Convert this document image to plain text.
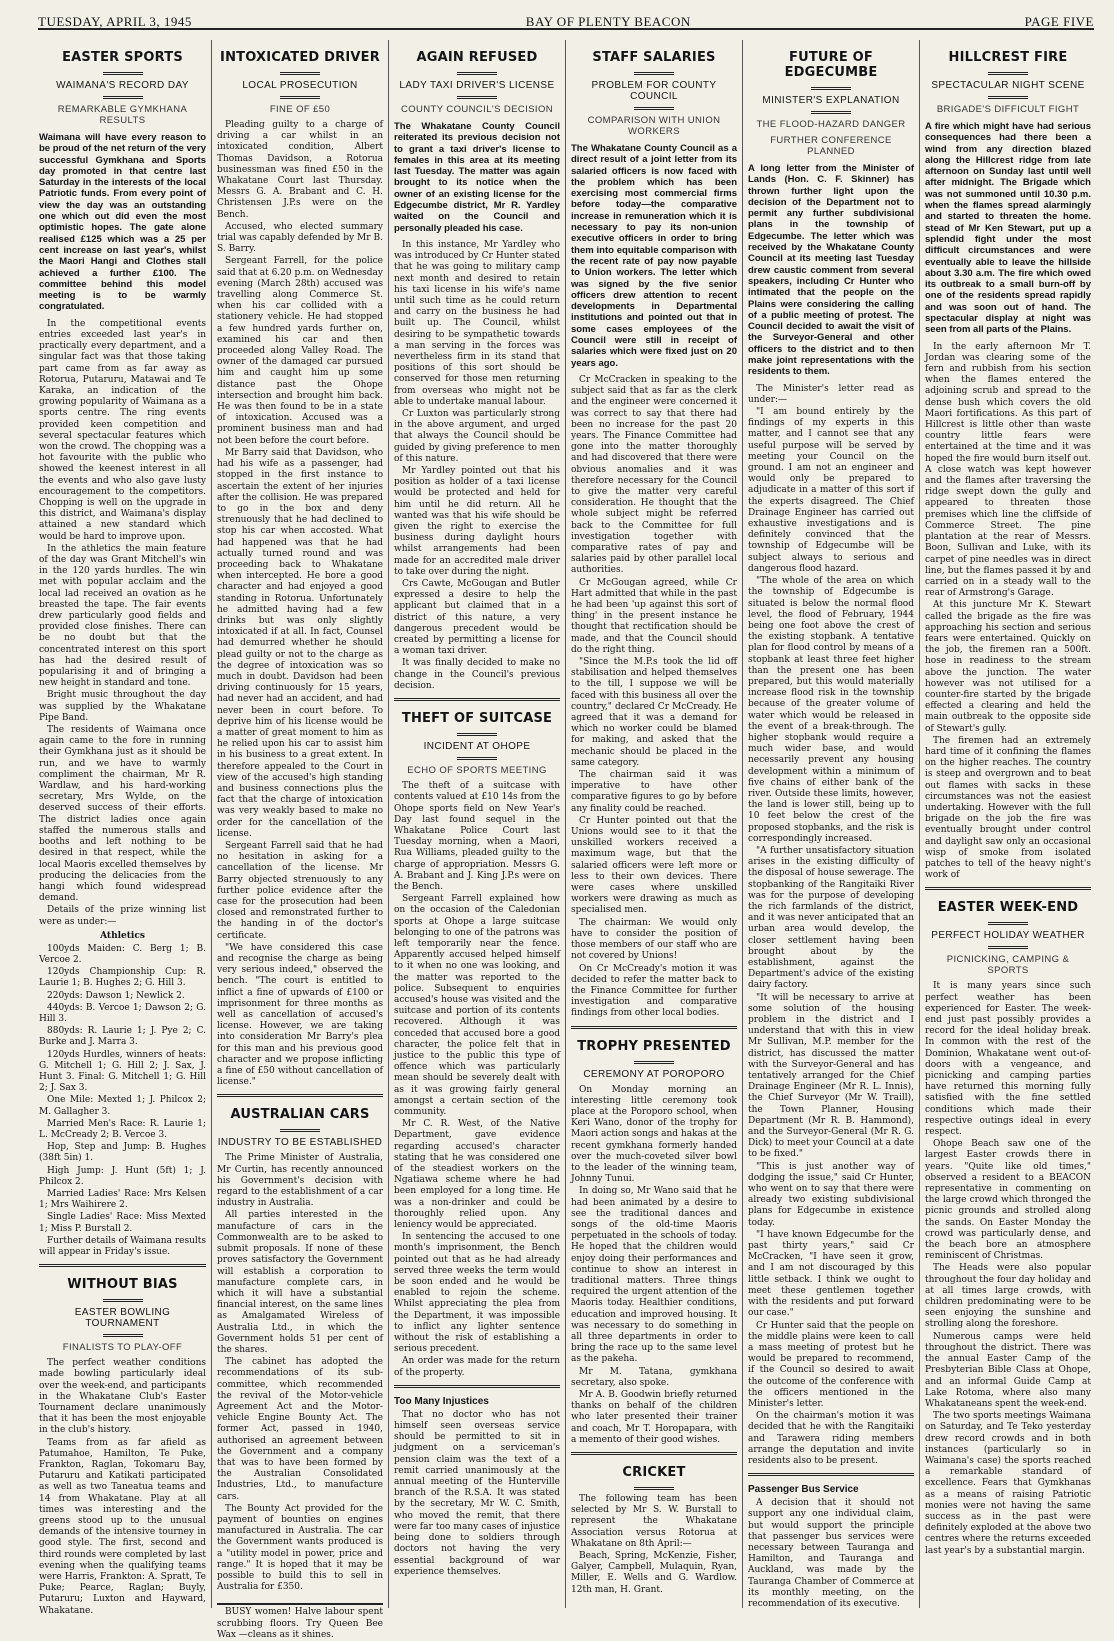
TUESDAY, APRIL 3, 1945	BAY OF PLENTY BEACON	PAGE FIVE
EASTER SPORTS
WAIMANA'S RECORD DAY
REMARKABLE GYMKHANA RESULTS

Waimana will have every reason to be proud of the net return of the very successful Gymkhana and Sports day promoted in that centre last Saturday in the interests of the local Patriotic funds. From every point of view the day was an outstanding one which out did even the most optimistic hopes. The gate alone realised £125 which was a 25 per cent increase on last year's, whilst the Maori Hangi and Clothes stall achieved a further £100. The committee behind this model meeting is to be warmly congratulated.

In the competitional events entries exceeded last year's in practically every department, and a singular fact was that those taking part came from as far away as Rotorua, Putaruru, Matawai and Te Karaka, an indication of the growing popularity of Waimana as a sports centre. The ring events provided keen competition and several spectacular features which won the crowd. The chopping was a hot favourite with the public who showed the keenest interest in all the events and who also gave lusty encouragement to the competitors. Chopping is well on the upgrade in this district, and Waimana's display attained a new standard which would be hard to improve upon.

In the athletics the main feature of the day was Grant Mitchell's win in the 120 yards hurdles. The win met with popular acclaim and the local lad received an ovation as he breasted the tape. The fair events drew particularly good fields and provided close finishes. There can be no doubt but that the concentrated interest on this sport has had the desired result of popularising it and of bringing a new height in standard and tone.

Bright music throughout the day was supplied by the Whakatane Pipe Band.

The residents of Waimana once again came to the fore in running their Gymkhana just as it should be run, and we have to warmly compliment the chairman, Mr R. Wardlaw, and his hard-working secretary, Mrs Wylde, on the deserved success of their efforts. The district ladies once again staffed the numerous stalls and booths and left nothing to be desired in that respect, while the local Maoris excelled themselves by producing the delicacies from the hangi which found widespread demand.

Details of the prize winning list were as under:—

Athletics

100yds Maiden: C. Berg 1; B. Vercoe 2.

120yds Championship Cup: R. Laurie 1; B. Hughes 2; G. Hill 3.

220yds: Dawson 1; Newlick 2.

440yds: B. Vercoe 1; Dawson 2; G. Hill 3.

880yds: R. Laurie 1; J. Pye 2; C. Burke and J. Marra 3.

120yds Hurdles, winners of heats: G. Mitchell 1; G. Hill 2; J. Sax, J. Hunt 3. Final: G. Mitchell 1; G. Hill 2; J. Sax 3.

One Mile: Mexted 1; J. Philcox 2; M. Gallagher 3.

Married Men's Race: R. Laurie 1; L. McCready 2; B. Vercoe 3.

Hop, Step and Jump: B. Hughes (38ft 5in) 1.

High Jump: J. Hunt (5ft) 1; J. Philcox 2.

Married Ladies' Race: Mrs Kelsen 1; Mrs Waihirere 2.

Single Ladies' Race: Miss Mexted 1; Miss P. Burstall 2.

Further details of Waimana results will appear in Friday's issue.

WITHOUT BIAS
EASTER BOWLING TOURNAMENT
FINALISTS TO PLAY-OFF

The perfect weather conditions made bowling particularly ideal over the week-end, and participants in the Whakatane Club's Easter Tournament declare unanimously that it has been the most enjoyable in the club's history.

Teams from as far afield as Patumahoe, Hamilton, Te Puke, Frankton, Raglan, Tokomaru Bay, Putaruru and Katikati participated as well as two Taneatua teams and 14 from Whakatane. Play at all times was interesting and the greens stood up to the unusual demands of the intensive tourney in good style. The first, second and third rounds were completed by last evening when the qualifying teams were Harris, Frankton: A. Spratt, Te Puke; Pearce, Raglan; Buyly, Putaruru; Luxton and Hayward, Whakatane.

INTOXICATED DRIVER
LOCAL PROSECUTION
FINE OF £50

Pleading guilty to a charge of driving a car whilst in an intoxicated condition, Albert Thomas Davidson, a Rotorua businessman was fined £50 in the Whakatane Court last Thursday. Messrs G. A. Brabant and C. H. Christensen J.P.s were on the Bench.

Accused, who elected summary trial was capably defended by Mr B. S. Barry.

Sergeant Farrell, for the police said that at 6.20 p.m. on Wednesday evening (March 28th) accused was travelling along Commerce St. when his car collided with a stationery vehicle. He had stopped a few hundred yards further on, examined his car and then proceeded along Valley Road. The owner of the damaged car pursued him and caught him up some distance past the Ohope intersection and brought him back. He was then found to be in a state of intoxication. Accused was a prominent business man and had not been before the court before.

Mr Barry said that Davidson, who had his wife as a passenger, had stopped in the first instance to ascertain the extent of her injuries after the collision. He was prepared to go in the box and deny strenuously that he had declined to stop his car when accosted. What had happened was that he had actually turned round and was proceeding back to Whakatane when intercepted. He bore a good character and had enjoyed a good standing in Rotorua. Unfortunately he admitted having had a few drinks but was only slightly intoxicated if at all. In fact, Counsel had demurred whether he should plead guilty or not to the charge as the degree of intoxication was so much in doubt. Davidson had been driving continuously for 15 years, had never had an accident, and had never been in court before. To deprive him of his license would be a matter of great moment to him as he relied upon his car to assist him in his business to a great extent. In therefore appealed to the Court in view of the accused's high standing and business connections plus the fact that the charge of intoxication was very weakly based to make no order for the cancellation of the license.

Sergeant Farrell said that he had no hesitation in asking for a cancellation of the license. Mr Barry objected strenuously to any further police evidence after the case for the prosecution had been closed and remonstrated further to the handing in of the doctor's certificate.

"We have considered this case and recognise the charge as being very serious indeed," observed the bench. "The court is entitled to inflict a fine of upwards of £100 or imprisonment for three months as well as cancellation of accused's license. However, we are taking into consideration Mr Barry's plea for this man and his previous good character and we propose inflicting a fine of £50 without cancellation of license."

AUSTRALIAN CARS
INDUSTRY TO BE ESTABLISHED

The Prime Minister of Australia, Mr Curtin, has recently announced his Government's decision with regard to the establishment of a car industry in Australia.

All parties interested in the manufacture of cars in the Commonwealth are to be asked to submit proposals. If none of these proves satisfactory the Government will establish a corporation to manufacture complete cars, in which it will have a substantial financial interest, on the same lines as Amalgamated Wireless of Australia Ltd., in which the Government holds 51 per cent of the shares.

The cabinet has adopted the recommendations of its sub-committee, which recommended the revival of the Motor-vehicle Agreement Act and the Motor-vehicle Engine Bounty Act. The former Act, passed in 1940, authorised an agreement between the Government and a company that was to have been formed by the Australian Consolidated Industries, Ltd., to manufacture cars.

The Bounty Act provided for the payment of bounties on engines manufactured in Australia. The car the Government wants produced is a "utility model in power, price and range." It is hoped that it may be possible to build this to sell in Australia for £350.

BUSY women! Halve labour spent scrubbing floors. Try Queen Bee Wax —cleans as it shines.

AGAIN REFUSED
LADY TAXI DRIVER'S LICENSE
COUNTY COUNCIL'S DECISION

The Whakatane County Council reiterated its previous decision not to grant a taxi driver's license to females in this area at its meeting last Tuesday. The matter was again brought to its notice when the owner of an existing license for the Edgecumbe district, Mr R. Yardley waited on the Council and personally pleaded his case.

In this instance, Mr Yardley who was introduced by Cr Hunter stated that he was going to military camp next month and desired to retain his taxi license in his wife's name until such time as he could return and carry on the business he had built up. The Council, whilst desiring to be sympathetic towards a man serving in the forces was nevertheless firm in its stand that positions of this sort should be conserved for those men returning from overseas who might not be able to undertake manual labour.

Cr Luxton was particularly strong in the above argument, and urged that always the Council should be guided by giving preference to men of this nature.

Mr Yardley pointed out that his position as holder of a taxi license would be protected and held for him until he did return. All he wanted was that his wife should be given the right to exercise the business during daylight hours whilst arrangements had been made for an accredited male driver to take over during the night.

Crs Cawte, McGougan and Butler expressed a desire to help the applicant but claimed that in a district of this nature, a very dangerous precedent would be created by permitting a license for a woman taxi driver.

It was finally decided to make no change in the Council's previous decision.

THEFT OF SUITCASE
INCIDENT AT OHOPE
ECHO OF SPORTS MEETING

The theft of a suitcase with contents valued at £10 14s from the Ohope sports field on New Year's Day last found sequel in the Whakatane Police Court last Tuesday morning, when a Maori, Rua Williams, pleaded guilty to the charge of appropriation. Messrs G. A. Brabant and J. King J.P.s were on the Bench.

Sergeant Farrell explained how on the occasion of the Caledonian sports at Ohope a large suitcase belonging to one of the patrons was left temporarily near the fence. Apparently accused helped himself to it when no one was looking, and the matter was reported to the police. Subsequent to enquiries accused's house was visited and the suitcase and portion of its contents recovered. Although it was conceded that accused bore a good character, the police felt that in justice to the public this type of offence which was particularly mean should be severely dealt with as it was growing fairly general amongst a certain section of the community.

Mr C. R. West, of the Native Department, gave evidence regarding accused's character stating that he was considered one of the steadiest workers on the Ngatiawa scheme where he had been employed for a long time. He was a non-drinker and could be thoroughly relied upon. Any leniency would be appreciated.

In sentencing the accused to one month's imprisonment, the Bench pointed out that as he had already served three weeks the term would be soon ended and he would be enabled to rejoin the scheme. Whilst appreciating the plea from the Department, it was impossible to inflict any lighter sentence without the risk of establishing a serious precedent.

An order was made for the return of the property.

Too Many Injustices

That no doctor who has not himself seen overseas service should be permitted to sit in judgment on a serviceman's pension claim was the text of a remit carried unanimously at the annual meeting of the Hunterville branch of the R.S.A. It was stated by the secretary, Mr W. C. Smith, who moved the remit, that there were far too many cases of injustice being done to soldiers through doctors not having the very essential background of war experience themselves.

STAFF SALARIES
PROBLEM FOR COUNTY COUNCIL
COMPARISON WITH UNION WORKERS

The Whakatane County Council as a direct result of a joint letter from its salaried officers is now faced with the problem which has been exercising most commercial firms before today—the comparative increase in remuneration which it is necessary to pay its non-union executive officers in order to bring them into equitable comparison with the recent rate of pay now payable to Union workers. The letter which was signed by the five senior officers drew attention to recent developments in Departmental institutions and pointed out that in some cases employees of the Council were still in receipt of salaries which were fixed just on 20 years ago.

Cr McCracken in speaking to the subject said that as far as the clerk and the engineer were concerned it was correct to say that there had been no increase for the past 20 years. The Finance Committee had gone into the matter thoroughly and had discovered that there were obvious anomalies and it was therefore necessary for the Council to give the matter very careful consideration. He thought that the whole subject might be referred back to the Committee for full investigation together with comparative rates of pay and salaries paid by other parallel local authorities.

Cr McGougan agreed, while Cr Hart admitted that while in the past he had been 'up against this sort of thing' in the present instance he thought that rectification should be made, and that the Council should do the right thing.

"Since the M.P.s took the lid off stabilisation and helped themselves to the till, I suppose we will be faced with this business all over the country," declared Cr McCready. He agreed that it was a demand for which no worker could be blamed for making, and asked that the mechanic should be placed in the same category.

The chairman said it was imperative to have other comparative figures to go by before any finality could be reached.

Cr Hunter pointed out that the Unions would see to it that the unskilled workers received a maximum wage, but that the salaried officers were left more or less to their own devices. There were cases where unskilled workers were drawing as much as specialised men.

The chairman: We would only have to consider the position of those members of our staff who are not covered by Unions!

On Cr McCready's motion it was decided to refer the matter back to the Finance Committee for further investigation and comparative findings from other local bodies.

TROPHY PRESENTED
CEREMONY AT POROPORO

On Monday morning an interesting little ceremony took place at the Poroporo school, when Keri Wano, donor of the trophy for Maori action songs and hakas at the recent gymkhana formerly handed over the much-coveted silver bowl to the leader of the winning team, Johnny Tunui.

In doing so, Mr Wano said that he had been animated by a desire to see the traditional dances and songs of the old-time Maoris perpetuated in the schools of today. He hoped that the children would enjoy doing their performances and continue to show an interest in traditional matters. Three things required the urgent attention of the Maoris today. Healthier conditions, education and improved housing. It was necessary to do something in all three departments in order to bring the race up to the same level as the pakeha.

Mr M. Tatana, gymkhana secretary, also spoke.

Mr A. B. Goodwin briefly returned thanks on behalf of the children who later presented their trainer and coach, Mr T. Horopapara, with a memento of their good wishes.

CRICKET

The following team has been selected by Mr S. W. Burstall to represent the Whakatane Association versus Rotorua at Whakatane on 8th April:—

Beach, Spring, McKenzie, Fisher, Galyer, Campbell, Mulaquin, Ryan, Miller, E. Wells and G. Wardlow. 12th man, H. Grant.

FUTURE OF EDGECUMBE
MINISTER'S EXPLANATION
THE FLOOD-HAZARD DANGER
FURTHER CONFERENCE PLANNED

A long letter from the Minister of Lands (Hon. C. F. Skinner) has thrown further light upon the decision of the Department not to permit any further subdivisional plans in the township of Edgecumbe. The letter which was received by the Whakatane County Council at its meeting last Tuesday drew caustic comment from several speakers, including Cr Hunter who intimated that the people on the Plains were considering the calling of a public meeting of protest. The Council decided to await the visit of the Surveyor-General and other officers to the district and to then make joint representations with the residents to them.

The Minister's letter read as under:—

"I am bound entirely by the findings of my experts in this matter, and I cannot see that any useful purpose will be served by meeting your Council on the ground. I am not an engineer and would only be prepared to adjudicate in a matter of this sort if the experts disagreed. The Chief Drainage Engineer has carried out exhaustive investigations and is definitely convinced that the township of Edgecumbe will be subject always to serious and dangerous flood hazard.

"The whole of the area on which the township of Edgecumbe is situated is below the normal flood level, the flood of February, 1944 being one foot above the crest of the existing stopbank. A tentative plan for flood control by means of a stopbank at least three feet higher than the present one has been prepared, but this would materially increase flood risk in the township because of the greater volume of water which would be released in the event of a break-through. The higher stopbank would require a much wider base, and would necessarily prevent any housing development within a minimum of five chains of either bank of the river. Outside these limits, however, the land is lower still, being up to 10 feet below the crest of the proposed stopbanks, and the risk is correspondingly increased.

"A further unsatisfactory situation arises in the existing difficulty of the disposal of house sewerage. The stopbanking of the Rangitaiki River was for the purpose of developing the rich farmlands of the district, and it was never anticipated that an urban area would develop, the closer settlement having been brought about by the establishment, against the Department's advice of the existing dairy factory.

"It will be necessary to arrive at some solution of the housing problem in the district and I understand that with this in view Mr Sullivan, M.P. member for the district, has discussed the matter with the Surveyor-General and has tentatively arranged for the Chief Drainage Engineer (Mr R. L. Innis), the Chief Surveyor (Mr W. Traill), the Town Planner, Housing Department (Mr R. B. Hammond), and the Surveyor-General (Mr R. G. Dick) to meet your Council at a date to be fixed."

"This is just another way of dodging the issue," said Cr Hunter, who went on to say that there were already two existing subdivisional plans for Edgecumbe in existence today.

"I have known Edgecumbe for the past thirty years," said Cr McCracken, "I have seen it grow, and I am not discouraged by this little setback. I think we ought to meet these gentlemen together with the residents and put forward our case."

Cr Hunter said that the people on the middle plains were keen to call a mass meeting of protest but he would be prepared to recommend, if the Council so desired to await the outcome of the conference with the officers mentioned in the Minister's letter.

On the chairman's motion it was decided that he with the Rangitaiki and Tarawera riding members arrange the deputation and invite residents also to be present.

Passenger Bus Service

A decision that it should not support any one individual claim, but would support the principle that passenger bus services were necessary between Tauranga and Hamilton, and Tauranga and Auckland, was made by the Tauranga Chamber of Commerce at its monthly meeting, on the recommendation of its executive.

HILLCREST FIRE
SPECTACULAR NIGHT SCENE
BRIGADE'S DIFFICULT FIGHT

A fire which might have had serious consequences had there been a wind from any direction blazed along the Hillcrest ridge from late afternoon on Sunday last until well after midnight. The Brigade which was not summoned until 10.30 p.m. when the flames spread alarmingly and started to threaten the home. stead of Mr Ken Stewart, put up a splendid fight under the most difficult circumstances and were eventually able to leave the hillside about 3.30 a.m. The fire which owed its outbreak to a small burn-off by one of the residents spread rapidly and was soon out of hand. The spectacular display at night was seen from all parts of the Plains.

In the early afternoon Mr T. Jordan was clearing some of the fern and rubbish from his section when the flames entered the adjoining scrub and spread to the dense bush which covers the old Maori fortifications. As this part of Hillcrest is little other than waste country little fears were entertained at the time and it was hoped the fire would burn itself out. A close watch was kept however and the flames after traversing the ridge swept down the gully and appeared to threaten those premises which line the cliffside of Commerce Street. The pine plantation at the rear of Messrs. Boon, Sullivan and Luke, with its carpet of pine needles was in direct line, but the flames passed it by and carried on in a steady wall to the rear of Armstrong's Garage.

At this juncture Mr K. Stewart called the brigade as the fire was approaching his section and serious fears were entertained. Quickly on the job, the firemen ran a 500ft. hose in readiness to the stream above the junction. The water however was not utilised for a counter-fire started by the brigade effected a clearing and held the main outbreak to the opposite side of Stewart's gully.

The firemen had an extremely hard time of it confining the flames on the higher reaches. The country is steep and overgrown and to beat out flames with sacks in these circumstances was not the easiest undertaking. However with the full brigade on the job the fire was eventually brought under control and daylight saw only an occasional wisp of smoke from isolated patches to tell of the heavy night's work of

EASTER WEEK-END
PERFECT HOLIDAY WEATHER
PICNICKING, CAMPING & SPORTS

It is many years since such perfect weather has been experienced for Easter. The week-end just past possibly provides a record for the ideal holiday break. In common with the rest of the Dominion, Whakatane went out-of-doors with a vengeance, and picnicking and camping parties have returned this morning fully satisfied with the fine settled conditions which made their respective outings ideal in every respect.

Ohope Beach saw one of the largest Easter crowds there in years. "Quite like old times," observed a resident to a BEACON representative in commenting on the large crowd which thronged the picnic grounds and strolled along the sands. On Easter Monday the crowd was particularly dense, and the beach bore an atmosphere reminiscent of Christmas.

The Heads were also popular throughout the four day holiday and at all times large crowds, with children predominating were to be seen enjoying the sunshine and strolling along the foreshore.

Numerous camps were held throughout the district. There was the annual Easter Camp of the Presbyterian Bible Class at Ohope, and an informal Guide Camp at Lake Rotoma, where also many Whakataneans spent the week-end.

The two sports meetings Waimana on Saturday, and Te Teko yesterday drew record crowds and in both instances (particularly so in Waimana's case) the sports reached a remarkable standard of excellence. Fears that Gymkhanas as a means of raising Patriotic monies were not having the same success as in the past were definitely exploded at the above two centres where the returns exceeded last year's by a substantial margin.
